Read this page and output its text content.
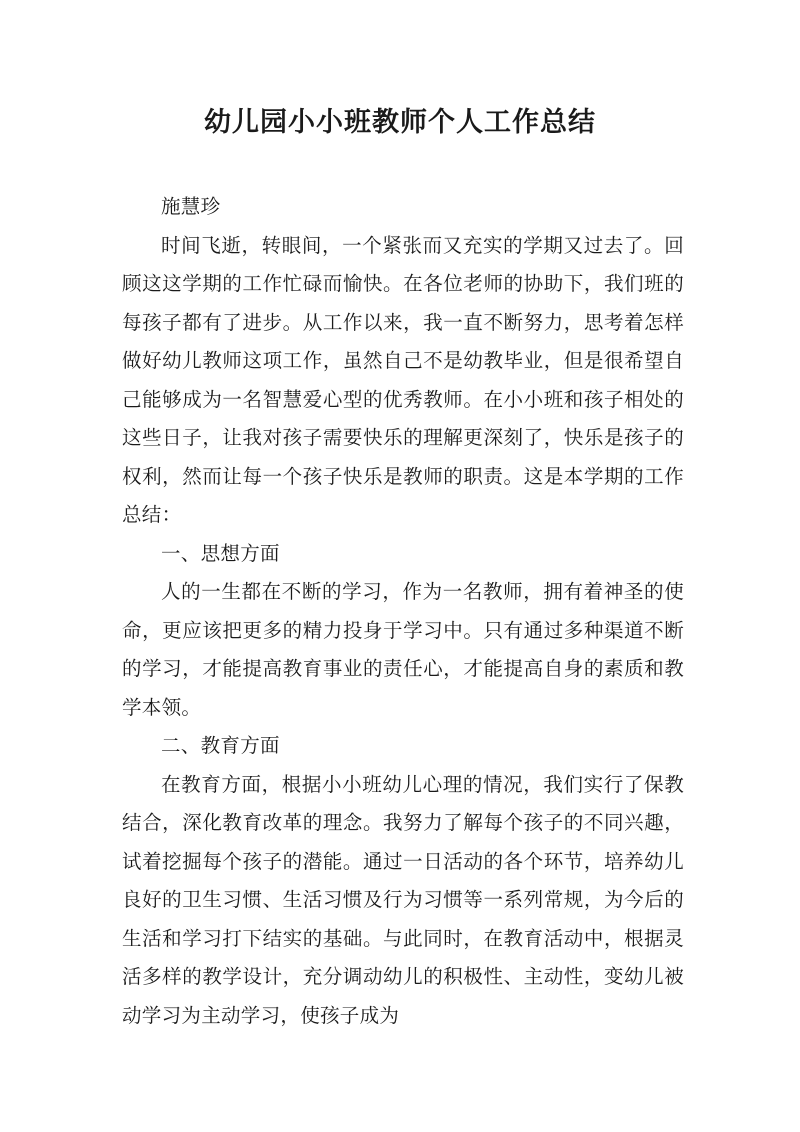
幼儿园小小班教师个人工作总结

施慧珍

时间飞逝，转眼间，一个紧张而又充实的学期又过去了。回顾这这学期的工作忙碌而愉快。在各位老师的协助下，我们班的每孩子都有了进步。从工作以来，我一直不断努力，思考着怎样做好幼儿教师这项工作，虽然自己不是幼教毕业，但是很希望自己能够成为一名智慧爱心型的优秀教师。在小小班和孩子相处的这些日子，让我对孩子需要快乐的理解更深刻了，快乐是孩子的权利，然而让每一个孩子快乐是教师的职责。这是本学期的工作总结：

一、思想方面

人的一生都在不断的学习，作为一名教师，拥有着神圣的使命，更应该把更多的精力投身于学习中。只有通过多种渠道不断的学习，才能提高教育事业的责任心，才能提高自身的素质和教学本领。

二、教育方面

在教育方面，根据小小班幼儿心理的情况，我们实行了保教结合，深化教育改革的理念。我努力了解每个孩子的不同兴趣，试着挖掘每个孩子的潜能。通过一日活动的各个环节，培养幼儿良好的卫生习惯、生活习惯及行为习惯等一系列常规，为今后的生活和学习打下结实的基础。与此同时，在教育活动中，根据灵活多样的教学设计，充分调动幼儿的积极性、主动性，变幼儿被动学习为主动学习，使孩子成为
